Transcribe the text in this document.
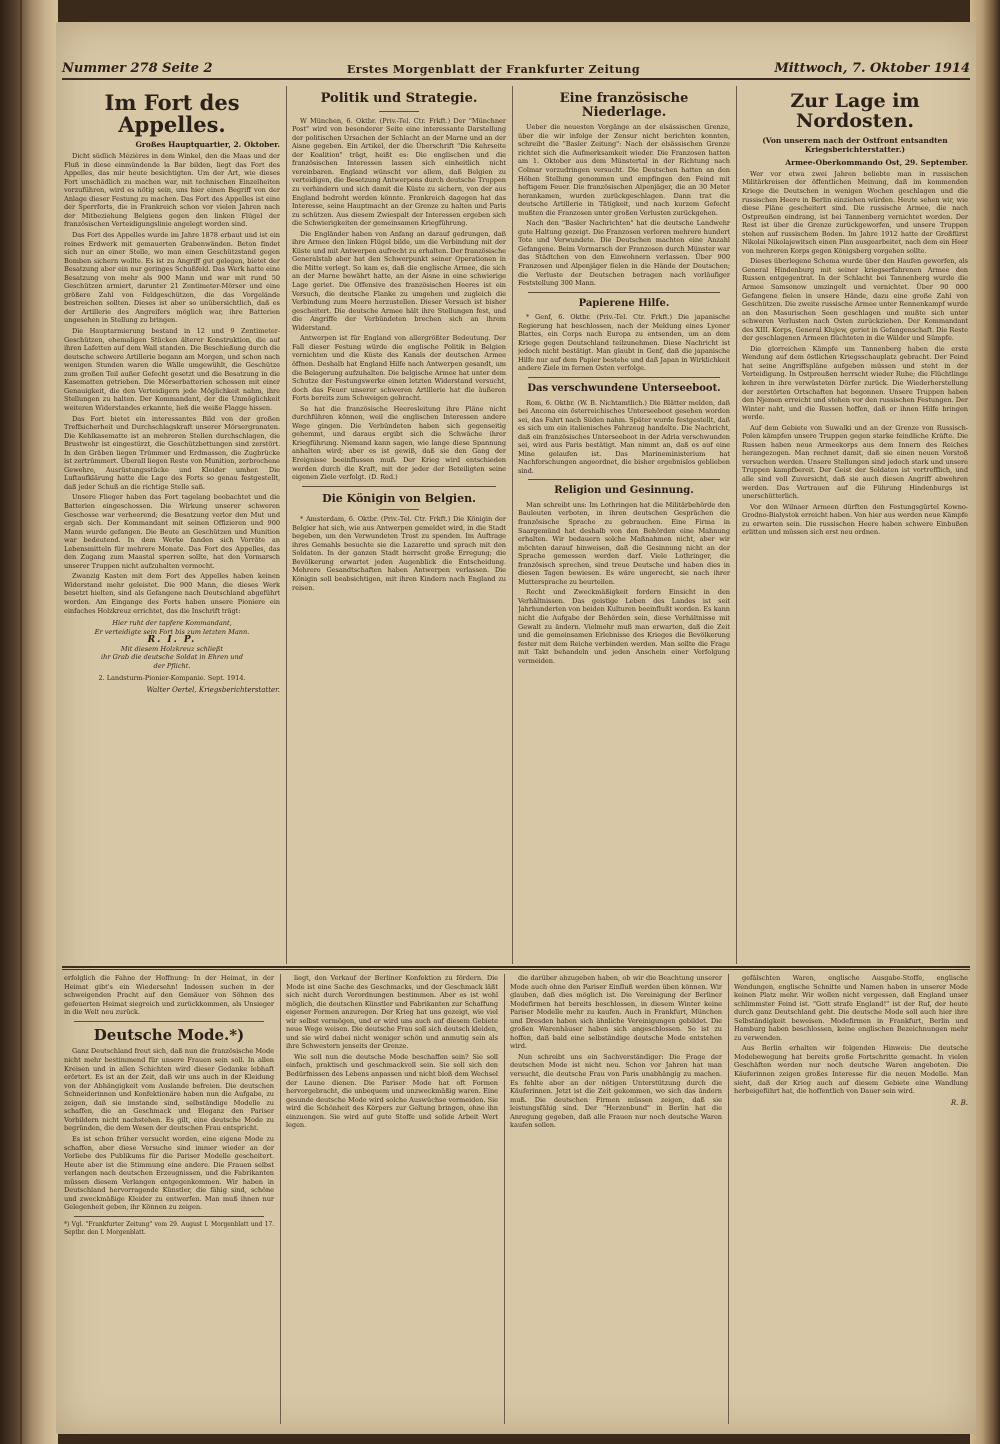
Nummer 278 Seite 2	Erstes Morgenblatt der Frankfurter Zeitung	Mittwoch, 7. Oktober 1914
Im Fort des Appelles.
Großes Hauptquartier, 2. Oktober.

Dicht südlich Mézières in dem Winkel, den die Maas und der Fluß in diese einmündende la Bar bilden, liegt das Fort des Appelles, das mir heute besichtigten. Um der Art, wie dieses Fort unschädlich zu machen war, mit technischen Einzelheiten vorzuführen, wird es nötig sein, uns hier einen Begriff von der Anlage dieser Festung zu machen. Das Fort des Appelles ist eine der Sperrforts, die in Frankreich schon vor vielen Jahren nach der Mitbeziehung Belgiens gegen den linken Flügel der französischen Verteidigungslinie angelegt worden sind.

Das Fort des Appelles wurde im Jahre 1878 erbaut und ist ein reines Erdwerk mit gemauerten Grabenwänden. Beton findet sich nur an einer Stelle, wo man einen Geschützstand gegen Bomben sichern wollte. Es ist zu Angriff gut gelegen, bietet der Besatzung aber ein nur geringes Schußfeld. Das Werk hatte eine Besatzung von mehr als 900 Mann und war mit rund 50 Geschützen armiert, darunter 21 Zentimeter-Mörser und eine größere Zahl von Feldgeschützen, die das Vorgelände bestreichen sollten. Dieses ist aber so unübersichtlich, daß es der Artillerie des Angreifers möglich war, ihre Batterien ungesehen in Stellung zu bringen.

Die Hauptarmierung bestand in 12 und 9 Zentimeter-Geschützen, ehemaligen Stücken älterer Konstruktion, die auf ihren Lafetten auf dem Wall standen. Die Beschießung durch die deutsche schwere Artillerie begann am Morgen, und schon nach wenigen Stunden waren die Wälle umgewühlt, die Geschütze zum großen Teil außer Gefecht gesetzt und die Besatzung in die Kasematten getrieben. Die Mörserbatterien schossen mit einer Genauigkeit, die den Verteidigern jede Möglichkeit nahm, ihre Stellungen zu halten. Der Kommandant, der die Unmöglichkeit weiteren Widerstandes erkannte, ließ die weiße Flagge hissen.

Das Fort bietet ein interessantes Bild von der großen Treffsicherheit und Durchschlagskraft unserer Mörsergranaten. Die Kehlkasematte ist an mehreren Stellen durchschlagen, die Brustwehr ist eingestürzt, die Geschützbettungen sind zerstört. In den Gräben liegen Trümmer und Erdmassen, die Zugbrücke ist zertrümmert. Überall liegen Reste von Munition, zerbrochene Gewehre, Ausrüstungsstücke und Kleider umher. Die Luftaufklärung hatte die Lage des Forts so genau festgestellt, daß jeder Schuß an die richtige Stelle saß.

Unsere Flieger haben das Fort tagelang beobachtet und die Batterien eingeschossen. Die Wirkung unserer schweren Geschosse war verheerend; die Besatzung verlor den Mut und ergab sich. Der Kommandant mit seinen Offizieren und 900 Mann wurde gefangen. Die Beute an Geschützen und Munition war bedeutend. In dem Werke fanden sich Vorräte an Lebensmitteln für mehrere Monate. Das Fort des Appelles, das den Zugang zum Maastal sperren sollte, hat den Vormarsch unserer Truppen nicht aufzuhalten vermocht.

Zwanzig Kasten mit dem Fort des Appelles haben keinen Widerstand mehr geleistet. Die 900 Mann, die dieses Werk besetzt hielten, sind als Gefangene nach Deutschland abgeführt worden. Am Eingange des Forts haben unsere Pioniere ein einfaches Holzkreuz errichtet, das die Inschrift trägt:

Hier ruht der tapfere Kommandant,
Er verteidigte sein Fort bis zum letzten Mann.
R. I. P.
Mit diesem Holzkreuz schließt
ihr Grab die deutsche Soldat in Ehren und
der Pflicht.
2. Landsturm-Pionier-Kompanie. Sept. 1914.
Walter Oertel, Kriegsberichterstatter.
Politik und Strategie.

W München, 6. Oktbr. (Priv.-Tel. Ctr. Frkft.) Der "Münchner Post" wird von besonderer Seite eine interessante Darstellung der politischen Ursachen der Schlacht an der Marne und an der Aisne gegeben. Ein Artikel, der die Überschrift "Die Kehrseite der Koalition" trägt, heißt es: Die englischen und die französischen Interessen lassen sich einheitlich nicht vereinbaren. England wünscht vor allem, daß Belgien zu verteidigen, die Besetzung Antwerpens durch deutsche Truppen zu verhindern und sich damit die Küste zu sichern, von der aus England bedroht werden könnte. Frankreich dagegen hat das Interesse, seine Hauptmacht an der Grenze zu halten und Paris zu schützen. Aus diesem Zwiespalt der Interessen ergeben sich die Schwierigkeiten der gemeinsamen Kriegführung.

Die Engländer haben von Anfang an darauf gedrungen, daß ihre Armee den linken Flügel bilde, um die Verbindung mit der Küste und mit Antwerpen aufrecht zu erhalten. Der französische Generalstab aber hat den Schwerpunkt seiner Operationen in die Mitte verlegt. So kam es, daß die englische Armee, die sich an der Marne bewährt hatte, an der Aisne in eine schwierige Lage geriet. Die Offensive des französischen Heeres ist ein Versuch, die deutsche Flanke zu umgehen und zugleich die Verbindung zum Meere herzustellen. Dieser Versuch ist bisher gescheitert. Die deutsche Armee hält ihre Stellungen fest, und die Angriffe der Verbündeten brechen sich an ihrem Widerstand.

Antwerpen ist für England von allergrößter Bedeutung. Der Fall dieser Festung würde die englische Politik in Belgien vernichten und die Küste des Kanals der deutschen Armee öffnen. Deshalb hat England Hilfe nach Antwerpen gesandt, um die Belagerung aufzuhalten. Die belgische Armee hat unter dem Schutze der Festungswerke einen letzten Widerstand versucht, doch das Feuer unserer schweren Artillerie hat die äußeren Forts bereits zum Schweigen gebracht.

So hat die französische Heeresleitung ihre Pläne nicht durchführen können, weil die englischen Interessen andere Wege gingen. Die Verbündeten haben sich gegenseitig gehemmt, und daraus ergibt sich die Schwäche ihrer Kriegführung. Niemand kann sagen, wie lange diese Spannung anhalten wird; aber es ist gewiß, daß sie den Gang der Ereignisse beeinflussen muß. Der Krieg wird entschieden werden durch die Kraft, mit der jeder der Beteiligten seine eigenen Ziele verfolgt. (D. Red.)

Die Königin von Belgien.

* Amsterdam, 6. Oktbr. (Priv.-Tel. Ctr. Frkft.) Die Königin der Belgier hat sich, wie aus Antwerpen gemeldet wird, in die Stadt begeben, um den Verwundeten Trost zu spenden. Im Auftrage ihres Gemahls besuchte sie die Lazarette und sprach mit den Soldaten. In der ganzen Stadt herrscht große Erregung; die Bevölkerung erwartet jeden Augenblick die Entscheidung. Mehrere Gesandtschaften haben Antwerpen verlassen. Die Königin soll beabsichtigen, mit ihren Kindern nach England zu reisen.

Eine französische Niederlage.

Ueber die neuesten Vorgänge an der elsässischen Grenze, über die wir infolge der Zensur nicht berichten konnten, schreibt die "Basler Zeitung": Nach der elsässischen Grenze richtet sich die Aufmerksamkeit wieder. Die Franzosen hatten am 1. Oktober aus dem Münstertal in der Richtung nach Colmar vorzudringen versucht. Die Deutschen hatten an den Höhen Stellung genommen und empfingen den Feind mit heftigem Feuer. Die französischen Alpenjäger, die an 30 Meter herankamen, wurden zurückgeschlagen. Dann trat die deutsche Artillerie in Tätigkeit, und nach kurzem Gefecht mußten die Franzosen unter großen Verlusten zurückgehen.

Nach den "Basler Nachrichten" hat die deutsche Landwehr gute Haltung gezeigt. Die Franzosen verloren mehrere hundert Tote und Verwundete. Die Deutschen machten eine Anzahl Gefangene. Beim Vormarsch der Franzosen durch Münster war das Städtchen von den Einwohnern verlassen. Über 900 Franzosen und Alpenjäger fielen in die Hände der Deutschen; die Verluste der Deutschen betragen nach vorläufiger Feststellung 300 Mann.

Papierene Hilfe.

* Genf, 6. Oktbr. (Priv.-Tel. Ctr. Frkft.) Die japanische Regierung hat beschlossen, nach der Meldung eines Lyoner Blattes, ein Corps nach Europa zu entsenden, um an dem Kriege gegen Deutschland teilzunehmen. Diese Nachricht ist jedoch nicht bestätigt. Man glaubt in Genf, daß die japanische Hilfe nur auf dem Papier bestehe und daß Japan in Wirklichkeit andere Ziele im fernen Osten verfolge.

Das verschwundene Unterseeboot.

Rom, 6. Oktbr. (W. B. Nichtamtlich.) Die Blätter melden, daß bei Ancona ein österreichisches Unterseeboot gesehen worden sei, das Fahrt nach Süden nahm. Später wurde festgestellt, daß es sich um ein italienisches Fahrzeug handelte. Die Nachricht, daß ein französisches Unterseeboot in der Adria verschwunden sei, wird aus Paris bestätigt. Man nimmt an, daß es auf eine Mine gelaufen ist. Das Marineministerium hat Nachforschungen angeordnet, die bisher ergebnislos geblieben sind.

Religion und Gesinnung.

Man schreibt uns: Im Lothringen hat die Militärbehörde den Bauleuten verboten, in ihren deutschen Gesprächen die französische Sprache zu gebrauchen. Eine Firma in Saargemünd hat deshalb von den Behörden eine Mahnung erhalten. Wir bedauern solche Maßnahmen nicht, aber wir möchten darauf hinweisen, daß die Gesinnung nicht an der Sprache gemessen werden darf. Viele Lothringer, die französisch sprechen, sind treue Deutsche und haben dies in diesen Tagen bewiesen. Es wäre ungerecht, sie nach ihrer Muttersprache zu beurteilen.

Recht und Zweckmäßigkeit fordern Einsicht in den Verhältnissen. Das geistige Leben des Landes ist seit Jahrhunderten von beiden Kulturen beeinflußt worden. Es kann nicht die Aufgabe der Behörden sein, diese Verhältnisse mit Gewalt zu ändern. Vielmehr muß man erwarten, daß die Zeit und die gemeinsamen Erlebnisse des Krieges die Bevölkerung fester mit dem Reiche verbinden werden. Man sollte die Frage mit Takt behandeln und jeden Anschein einer Verfolgung vermeiden.

Zur Lage im Nordosten.
(Von unserem nach der Ostfront entsandten Kriegsberichterstatter.)
Armee-Oberkommando Ost, 29. September.

Wer vor etwa zwei Jahren beliebte man in russischen Militärkreisen der öffentlichen Meinung, daß im kommenden Kriege die Deutschen in wenigen Wochen geschlagen und die russischen Heere in Berlin einziehen würden. Heute sehen wir, wie diese Pläne gescheitert sind. Die russische Armee, die nach Ostpreußen eindrang, ist bei Tannenberg vernichtet worden. Der Rest ist über die Grenze zurückgeworfen, und unsere Truppen stehen auf russischem Boden. Im Jahre 1912 hatte der Großfürst Nikolai Nikolajewitsch einen Plan ausgearbeitet, nach dem ein Heer von mehreren Korps gegen Königsberg vorgehen sollte.

Dieses überlegene Schema wurde über den Haufen geworfen, als General Hindenburg mit seiner kriegserfahrenen Armee den Russen entgegentrat. In der Schlacht bei Tannenberg wurde die Armee Samsonow umzingelt und vernichtet. Über 90 000 Gefangene fielen in unsere Hände, dazu eine große Zahl von Geschützen. Die zweite russische Armee unter Rennenkampf wurde an den Masurischen Seen geschlagen und mußte sich unter schweren Verlusten nach Osten zurückziehen. Der Kommandant des XIII. Korps, General Klujew, geriet in Gefangenschaft. Die Reste der geschlagenen Armeen flüchteten in die Wälder und Sümpfe.

Die glorreichen Kämpfe um Tannenberg haben die erste Wendung auf dem östlichen Kriegsschauplatz gebracht. Der Feind hat seine Angriffspläne aufgeben müssen und steht in der Verteidigung. In Ostpreußen herrscht wieder Ruhe; die Flüchtlinge kehren in ihre verwüsteten Dörfer zurück. Die Wiederherstellung der zerstörten Ortschaften hat begonnen. Unsere Truppen haben den Njemen erreicht und stehen vor den russischen Festungen. Der Winter naht, und die Russen hoffen, daß er ihnen Hilfe bringen werde.

Auf dem Gebiete von Suwalki und an der Grenze von Russisch-Polen kämpfen unsere Truppen gegen starke feindliche Kräfte. Die Russen haben neue Armeekorps aus dem Innern des Reiches herangezogen. Man rechnet damit, daß sie einen neuen Vorstoß versuchen werden. Unsere Stellungen sind jedoch stark und unsere Truppen kampfbereit. Der Geist der Soldaten ist vortrefflich, und alle sind voll Zuversicht, daß sie auch diesen Angriff abwehren werden. Das Vertrauen auf die Führung Hindenburgs ist unerschütterlich.

Vor den Wilnaer Armeen dürften den Festungsgürtel Kowno-Grodno-Bialystok erreicht haben. Von hier aus werden neue Kämpfe zu erwarten sein. Die russischen Heere haben schwere Einbußen erlitten und müssen sich erst neu ordnen.

erfolglich die Fahne der Hoffnung: In der Heimat, in der Heimat gibt's ein Wiedersehn! Indessen suchen in der schweigenden Pracht auf den Gemäuer von Söhnen des gefeuerten Heimat siegreich und zurückkommen, als Unsieger in die Welt neu zurück.
Deutsche Mode.*)

Ganz Deutschland freut sich, daß nun die französische Mode nicht mehr bestimmend für unsere Frauen sein soll. In allen Kreisen und in allen Schichten wird dieser Gedanke lebhaft erörtert. Es ist an der Zeit, daß wir uns auch in der Kleidung von der Abhängigkeit vom Auslande befreien. Die deutschen Schneiderinnen und Konfektionäre haben nun die Aufgabe, zu zeigen, daß sie imstande sind, selbständige Modelle zu schaffen, die an Geschmack und Eleganz den Pariser Vorbildern nicht nachstehen. Es gilt, eine deutsche Mode zu begründen, die dem Wesen der deutschen Frau entspricht.

Es ist schon früher versucht worden, eine eigene Mode zu schaffen, aber diese Versuche sind immer wieder an der Vorliebe des Publikums für die Pariser Modelle gescheitert. Heute aber ist die Stimmung eine andere. Die Frauen selbst verlangen nach deutschen Erzeugnissen, und die Fabrikanten müssen diesem Verlangen entgegenkommen. Wir haben in Deutschland hervorragende Künstler, die fähig sind, schöne und zweckmäßige Kleider zu entwerfen. Man muß ihnen nur Gelegenheit geben, ihr Können zu zeigen.

*) Vgl. "Frankfurter Zeitung" vom 29. August I. Morgenblatt und 17. Septbr. den I. Morgenblatt.

liegt, den Verkauf der Berliner Konfektion zu fördern. Die Mode ist eine Sache des Geschmacks, und der Geschmack läßt sich nicht durch Verordnungen bestimmen. Aber es ist wohl möglich, die deutschen Künstler und Fabrikanten zur Schaffung eigener Formen anzuregen. Der Krieg hat uns gezeigt, wie viel wir selbst vermögen, und er wird uns auch auf diesem Gebiete neue Wege weisen. Die deutsche Frau soll sich deutsch kleiden, und sie wird dabei nicht weniger schön und anmutig sein als ihre Schwestern jenseits der Grenze.

Wie soll nun die deutsche Mode beschaffen sein? Sie soll einfach, praktisch und geschmackvoll sein. Sie soll sich den Bedürfnissen des Lebens anpassen und nicht bloß dem Wechsel der Laune dienen. Die Pariser Mode hat oft Formen hervorgebracht, die unbequem und unzweckmäßig waren. Eine gesunde deutsche Mode wird solche Auswüchse vermeiden. Sie wird die Schönheit des Körpers zur Geltung bringen, ohne ihn einzuengen. Sie wird auf gute Stoffe und solide Arbeit Wert legen.

die darüber abzugeben haben, ob wir die Beachtung unserer Mode auch ohne den Pariser Einfluß werden üben können. Wir glauben, daß dies möglich ist. Die Vereinigung der Berliner Modefirmen hat bereits beschlossen, in diesem Winter keine Pariser Modelle mehr zu kaufen. Auch in Frankfurt, München und Dresden haben sich ähnliche Vereinigungen gebildet. Die großen Warenhäuser haben sich angeschlossen. So ist zu hoffen, daß bald eine selbständige deutsche Mode entstehen wird.

Nun schreibt uns ein Sachverständiger: Die Frage der deutschen Mode ist nicht neu. Schon vor Jahren hat man versucht, die deutsche Frau von Paris unabhängig zu machen. Es fehlte aber an der nötigen Unterstützung durch die Käuferinnen. Jetzt ist die Zeit gekommen, wo sich das ändern muß. Die deutschen Firmen müssen zeigen, daß sie leistungsfähig sind. Der "Herzenbund" in Berlin hat die Anregung gegeben, daß alle Frauen nur noch deutsche Waren kaufen sollen.

gefälschten Waren, englische Ausgabe-Stoffe, englische Wendungen, englische Schnitte und Namen haben in unserer Mode keinen Platz mehr. Wir wollen nicht vergessen, daß England unser schlimmster Feind ist. "Gott strafe England!" ist der Ruf, der heute durch ganz Deutschland geht. Die deutsche Mode soll auch hier ihre Selbständigkeit beweisen. Modefirmen in Frankfurt, Berlin und Hamburg haben beschlossen, keine englischen Bezeichnungen mehr zu verwenden.

Aus Berlin erhalten wir folgenden Hinweis: Die deutsche Modebewegung hat bereits große Fortschritte gemacht. In vielen Geschäften werden nur noch deutsche Waren angeboten. Die Käuferinnen zeigen großes Interesse für die neuen Modelle. Man sieht, daß der Krieg auch auf diesem Gebiete eine Wandlung herbeigeführt hat, die hoffentlich von Dauer sein wird.

R. B.
